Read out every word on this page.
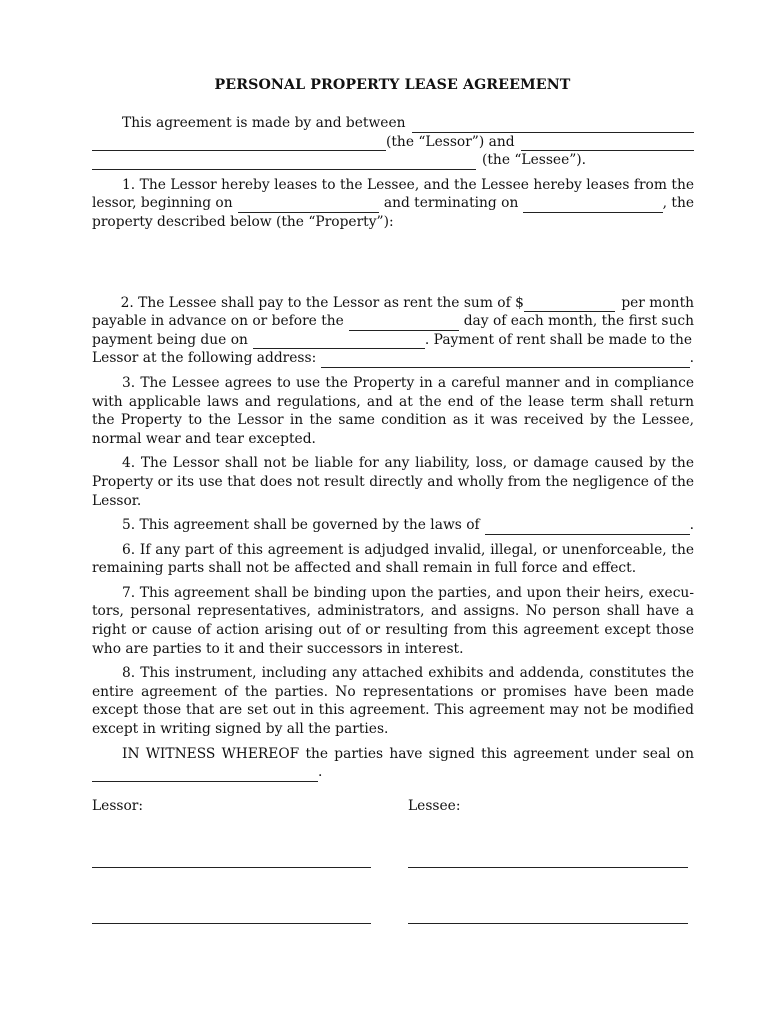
PERSONAL PROPERTY LEASE AGREEMENT
This agreement is made by and between
(the “Lessor”) and
(the “Lessee”).
1. The Lessor hereby leases to the Lessee, and the Lessee hereby leases from the
lessor, beginning on	and terminating on	, the
property described below (the “Property”):
2. The Lessee shall pay to the Lessor as rent the sum of $	per month
payable in advance on or before the	day of each month, the first such
payment being due on	. Payment of rent shall be made to the
Lessor at the following address:	.

3. The Lessee agrees to use the Property in a careful manner and in compliance with applicable laws and regulations, and at the end of the lease term shall return the Property to the Lessor in the same condition as it was received by the Lessee, normal wear and tear excepted.

4. The Lessor shall not be liable for any liability, loss, or damage caused by the Property or its use that does not result directly and wholly from the negligence of the Lessor.

5. This agreement shall be governed by the laws of	.

6. If any part of this agreement is adjudged invalid, illegal, or unenforceable, the remaining parts shall not be affected and shall remain in full force and effect.

7. This agreement shall be binding upon the parties, and upon their heirs, executors, personal representatives, administrators, and assigns. No person shall have a right or cause of action arising out of or resulting from this agreement except those who are parties to it and their successors in interest.

8. This instrument, including any attached exhibits and addenda, constitutes the entire agreement of the parties. No representations or promises have been made except those that are set out in this agreement. This agreement may not be modified except in writing signed by all the parties.

IN WITNESS WHEREOF the parties have signed this agreement under seal on
.
Lessor:	Lessee:
